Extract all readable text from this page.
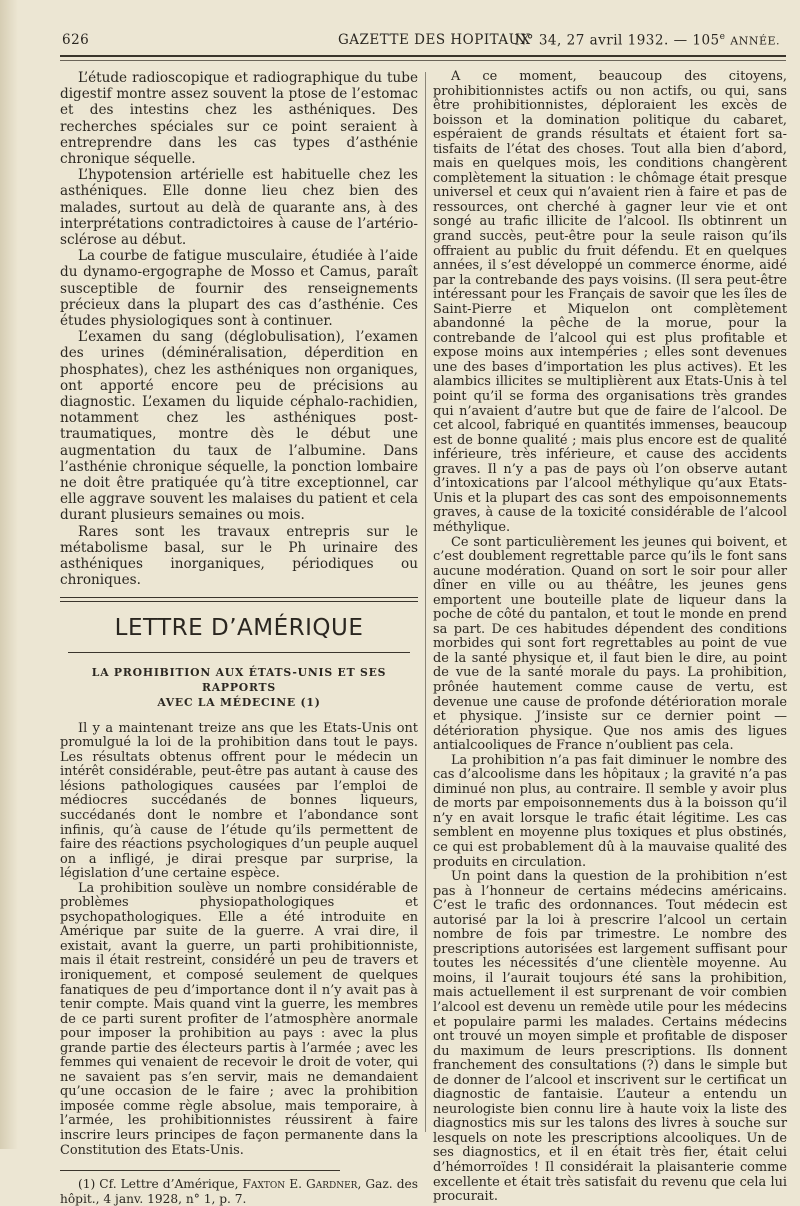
626	GAZETTE DES HOPITAUX
N° 34, 27 avril 1932. — 105e ANNÉE.

L’étude radioscopique et radiographique du tube digestif montre assez souvent la ptose de l’estomac et des intestins chez les asthéniques. Des recherches spéciales sur ce point seraient à entreprendre dans les cas types d’asthénie chronique séquelle.

L’hypotension artérielle est habituelle chez les asthéniques. Elle donne lieu chez bien des malades, surtout au delà de quarante ans, à des interprétations contradictoires à cause de l’artério-sclérose au début.

La courbe de fatigue musculaire, étudiée à l’aide du dynamo-ergographe de Mosso et Camus, paraît susceptible de fournir des renseignements précieux dans la plupart des cas d’asthénie. Ces études physiologiques sont à continuer.

L’examen du sang (déglobulisation), l’examen des urines (déminéralisation, déperdition en phosphates), chez les asthéniques non organiques, ont apporté encore peu de précisions au diagnostic. L’examen du liquide céphalo-rachidien, notamment chez les asthéniques post-traumatiques, montre dès le début une augmentation du taux de l’albumine. Dans l’asthénie chronique séquelle, la ponction lombaire ne doit être pratiquée qu’à titre exceptionnel, car elle aggrave souvent les malaises du patient et cela durant plusieurs semaines ou mois.

Rares sont les travaux entrepris sur le métabolisme basal, sur le Ph urinaire des asthéniques inorganiques, périodiques ou chroniques.

LETTRE D’AMÉRIQUE
LA PROHIBITION AUX ÉTATS-UNIS ET SES RAPPORTS
AVEC LA MÉDECINE (1)

Il y a maintenant treize ans que les Etats-Unis ont promulgué la loi de la prohibition dans tout le pays. Les résultats obtenus offrent pour le médecin un intérêt considérable, peut-être pas autant à cause des lésions pathologiques causées par l’emploi de médiocres succédanés de bonnes liqueurs, succédanés dont le nombre et l’abondance sont infinis, qu’à cause de l’étude qu’ils permettent de faire des réactions psychologiques d’un peuple auquel on a infligé, je dirai presque par surprise, la législation d’une certaine espèce.

La prohibition soulève un nombre considérable de problèmes physiopathologiques et psychopathologiques. Elle a été introduite en Amérique par suite de la guerre. A vrai dire, il existait, avant la guerre, un parti prohibitionniste, mais il était restreint, considéré un peu de travers et ironiquement, et composé seulement de quelques fanatiques de peu d’importance dont il n’y avait pas à tenir compte. Mais quand vint la guerre, les membres de ce parti surent profiter de l’atmosphère anormale pour imposer la prohibition au pays : avec la plus grande partie des électeurs partis à l’armée ; avec les femmes qui venaient de recevoir le droit de voter, qui ne savaient pas s’en servir, mais ne demandaient qu’une occasion de le faire ; avec la prohibition imposée comme règle absolue, mais temporaire, à l’armée, les prohibitionnistes réussirent à faire inscrire leurs principes de façon permanente dans la Constitution des Etats-Unis.

(1) Cf. Lettre d’Amérique, Faxton E. Gardner, Gaz. des hôpit., 4 janv. 1928, n° 1, p. 7.

A ce moment, beaucoup des citoyens, prohibitionnistes actifs ou non actifs, ou qui, sans être prohibitionnistes, déploraient les excès de boisson et la domination politique du cabaret, espéraient de grands résultats et étaient fort satisfaits de l’état des choses. Tout alla bien d’abord, mais en quelques mois, les conditions changèrent complètement la situation : le chômage était presque universel et ceux qui n’avaient rien à faire et pas de ressources, ont cherché à gagner leur vie et ont songé au trafic illicite de l’alcool. Ils obtinrent un grand succès, peut-être pour la seule raison qu’ils offraient au public du fruit défendu. Et en quelques années, il s’est développé un commerce énorme, aidé par la contrebande des pays voisins. (Il sera peut-être intéressant pour les Français de savoir que les îles de Saint-Pierre et Miquelon ont complètement abandonné la pêche de la morue, pour la contrebande de l’alcool qui est plus profitable et expose moins aux intempéries ; elles sont devenues une des bases d’importation les plus actives). Et les alambics illicites se multiplièrent aux Etats-Unis à tel point qu’il se forma des organisations très grandes qui n’avaient d’autre but que de faire de l’alcool. De cet alcool, fabriqué en quantités immenses, beaucoup est de bonne qualité ; mais plus encore est de qualité inférieure, très inférieure, et cause des accidents graves. Il n’y a pas de pays où l’on observe autant d’intoxications par l’alcool méthylique qu’aux Etats-Unis et la plupart des cas sont des empoisonnements graves, à cause de la toxicité considérable de l’alcool méthylique.

Ce sont particulièrement les jeunes qui boivent, et c’est doublement regrettable parce qu’ils le font sans aucune modération. Quand on sort le soir pour aller dîner en ville ou au théâtre, les jeunes gens emportent une bouteille plate de liqueur dans la poche de côté du pantalon, et tout le monde en prend sa part. De ces habitudes dépendent des conditions morbides qui sont fort regrettables au point de vue de la santé physique et, il faut bien le dire, au point de vue de la santé morale du pays. La prohibition, prônée hautement comme cause de vertu, est devenue une cause de profonde détérioration morale et physique. J’insiste sur ce dernier point — détérioration physique. Que nos amis des ligues antialcooliques de France n’oublient pas cela.

La prohibition n’a pas fait diminuer le nombre des cas d’alcoolisme dans les hôpitaux ; la gravité n’a pas diminué non plus, au contraire. Il semble y avoir plus de morts par empoisonnements dus à la boisson qu’il n’y en avait lorsque le trafic était légitime. Les cas semblent en moyenne plus toxiques et plus obstinés, ce qui est probablement dû à la mauvaise qualité des produits en circulation.

Un point dans la question de la prohibition n’est pas à l’honneur de certains médecins américains. C’est le trafic des ordonnances. Tout médecin est autorisé par la loi à prescrire l’alcool un certain nombre de fois par trimestre. Le nombre des prescriptions autorisées est largement suffisant pour toutes les nécessités d’une clientèle moyenne. Au moins, il l’aurait toujours été sans la prohibition, mais actuellement il est surprenant de voir combien l’alcool est devenu un remède utile pour les médecins et populaire parmi les malades. Certains médecins ont trouvé un moyen simple et profitable de disposer du maximum de leurs prescriptions. Ils donnent franchement des consultations (?) dans le simple but de donner de l’alcool et inscrivent sur le certificat un diagnostic de fantaisie. L’auteur a entendu un neurologiste bien connu lire à haute voix la liste des diagnostics mis sur les talons des livres à souche sur lesquels on note les prescriptions alcooliques. Un de ses diagnostics, et il en était très fier, était celui d’hémorroïdes ! Il considérait la plaisanterie comme excellente et était très satisfait du revenu que cela lui procurait.
